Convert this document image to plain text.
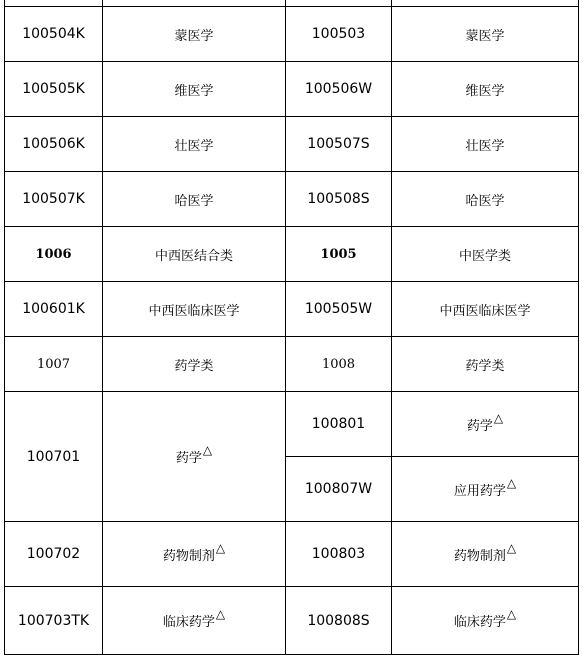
100504K	蒙医学	100503	蒙医学
100505K	维医学	100506W	维医学
100506K	壮医学	100507S	壮医学
100507K	哈医学	100508S	哈医学
1006	中西医结合类	1005	中医学类
100601K	中西医临床医学	100505W	中西医临床医学
1007	药学类	1008	药学类
100701	药学△	100801	药学△
		100807W	应用药学△
100702	药物制剂△	100803	药物制剂△
100703TK	临床药学△	100808S	临床药学△
